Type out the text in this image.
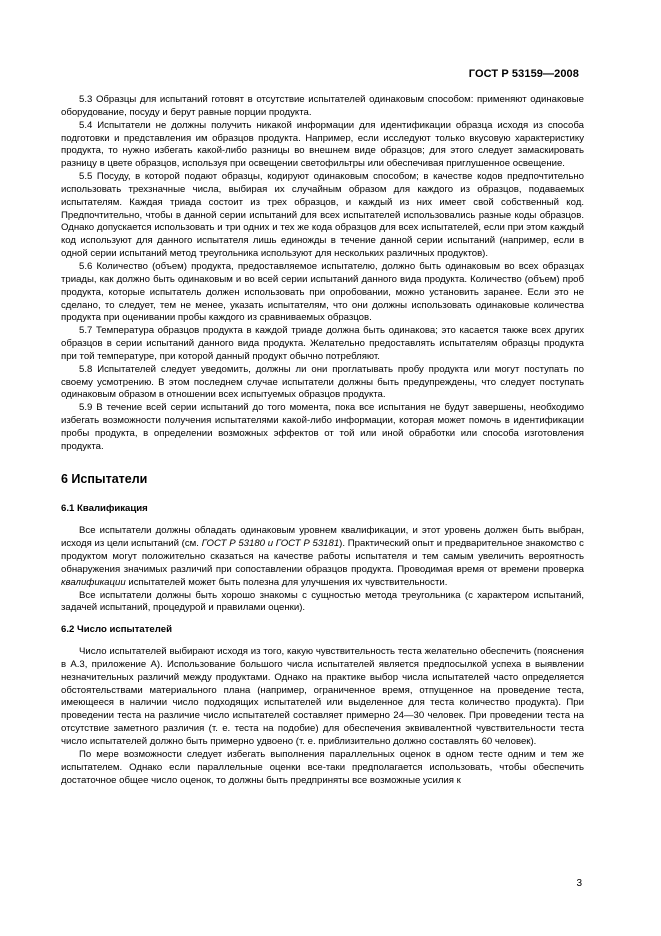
ГОСТ Р 53159—2008

5.3 Образцы для испытаний готовят в отсутствие испытателей одинаковым способом: применяют одинаковые оборудование, посуду и берут равные порции продукта.

5.4 Испытатели не должны получить никакой информации для идентификации образца исходя из способа подготовки и представления им образцов продукта. Например, если исследуют только вкусовую характеристику продукта, то нужно избегать какой-либо разницы во внешнем виде образцов; для этого следует замаскировать разницу в цвете образцов, используя при освещении светофильтры или обеспечивая приглушенное освещение.

5.5 Посуду, в которой подают образцы, кодируют одинаковым способом; в качестве кодов предпочтительно использовать трехзначные числа, выбирая их случайным образом для каждого из образцов, подаваемых испытателям. Каждая триада состоит из трех образцов, и каждый из них имеет свой собственный код. Предпочтительно, чтобы в данной серии испытаний для всех испытателей использовались разные коды образцов. Однако допускается использовать и три одних и тех же кода образцов для всех испытателей, если при этом каждый код используют для данного испытателя лишь единожды в течение данной серии испытаний (например, если в одной серии испытаний метод треугольника используют для нескольких различных продуктов).

5.6 Количество (объем) продукта, предоставляемое испытателю, должно быть одинаковым во всех образцах триады, как должно быть одинаковым и во всей серии испытаний данного вида продукта. Количество (объем) проб продукта, которые испытатель должен использовать при опробовании, можно установить заранее. Если это не сделано, то следует, тем не менее, указать испытателям, что они должны использовать одинаковые количества продукта при оценивании пробы каждого из сравниваемых образцов.

5.7 Температура образцов продукта в каждой триаде должна быть одинакова; это касается также всех других образцов в серии испытаний данного вида продукта. Желательно предоставлять испытателям образцы продукта при той температуре, при которой данный продукт обычно потребляют.

5.8 Испытателей следует уведомить, должны ли они проглатывать пробу продукта или могут поступать по своему усмотрению. В этом последнем случае испытатели должны быть предупреждены, что следует поступать одинаковым образом в отношении всех испытуемых образцов продукта.

5.9 В течение всей серии испытаний до того момента, пока все испытания не будут завершены, необходимо избегать возможности получения испытателями какой-либо информации, которая может помочь в идентификации пробы продукта, в определении возможных эффектов от той или иной обработки или способа изготовления продукта.

6 Испытатели
6.1 Квалификация

Все испытатели должны обладать одинаковым уровнем квалификации, и этот уровень должен быть выбран, исходя из цели испытаний (см. ГОСТ Р 53180 и ГОСТ Р 53181). Практический опыт и предварительное знакомство с продуктом могут положительно сказаться на качестве работы испытателя и тем самым увеличить вероятность обнаружения значимых различий при сопоставлении образцов продукта. Проводимая время от времени проверка квалификации испытателей может быть полезна для улучшения их чувствительности.

Все испытатели должны быть хорошо знакомы с сущностью метода треугольника (с характером испытаний, задачей испытаний, процедурой и правилами оценки).

6.2 Число испытателей

Число испытателей выбирают исходя из того, какую чувствительность теста желательно обеспечить (пояснения в А.3, приложение А). Использование большого числа испытателей является предпосылкой успеха в выявлении незначительных различий между продуктами. Однако на практике выбор числа испытателей часто определяется обстоятельствами материального плана (например, ограниченное время, отпущенное на проведение теста, имеющееся в наличии число подходящих испытателей или выделенное для теста количество продукта). При проведении теста на различие число испытателей составляет примерно 24—30 человек. При проведении теста на отсутствие заметного различия (т. е. теста на подобие) для обеспечения эквивалентной чувствительности теста число испытателей должно быть примерно удвоено (т. е. приблизительно должно составлять 60 человек).

По мере возможности следует избегать выполнения параллельных оценок в одном тесте одним и тем же испытателем. Однако если параллельные оценки все-таки предполагается использовать, чтобы обеспечить достаточное общее число оценок, то должны быть предприняты все возможные усилия к

3
